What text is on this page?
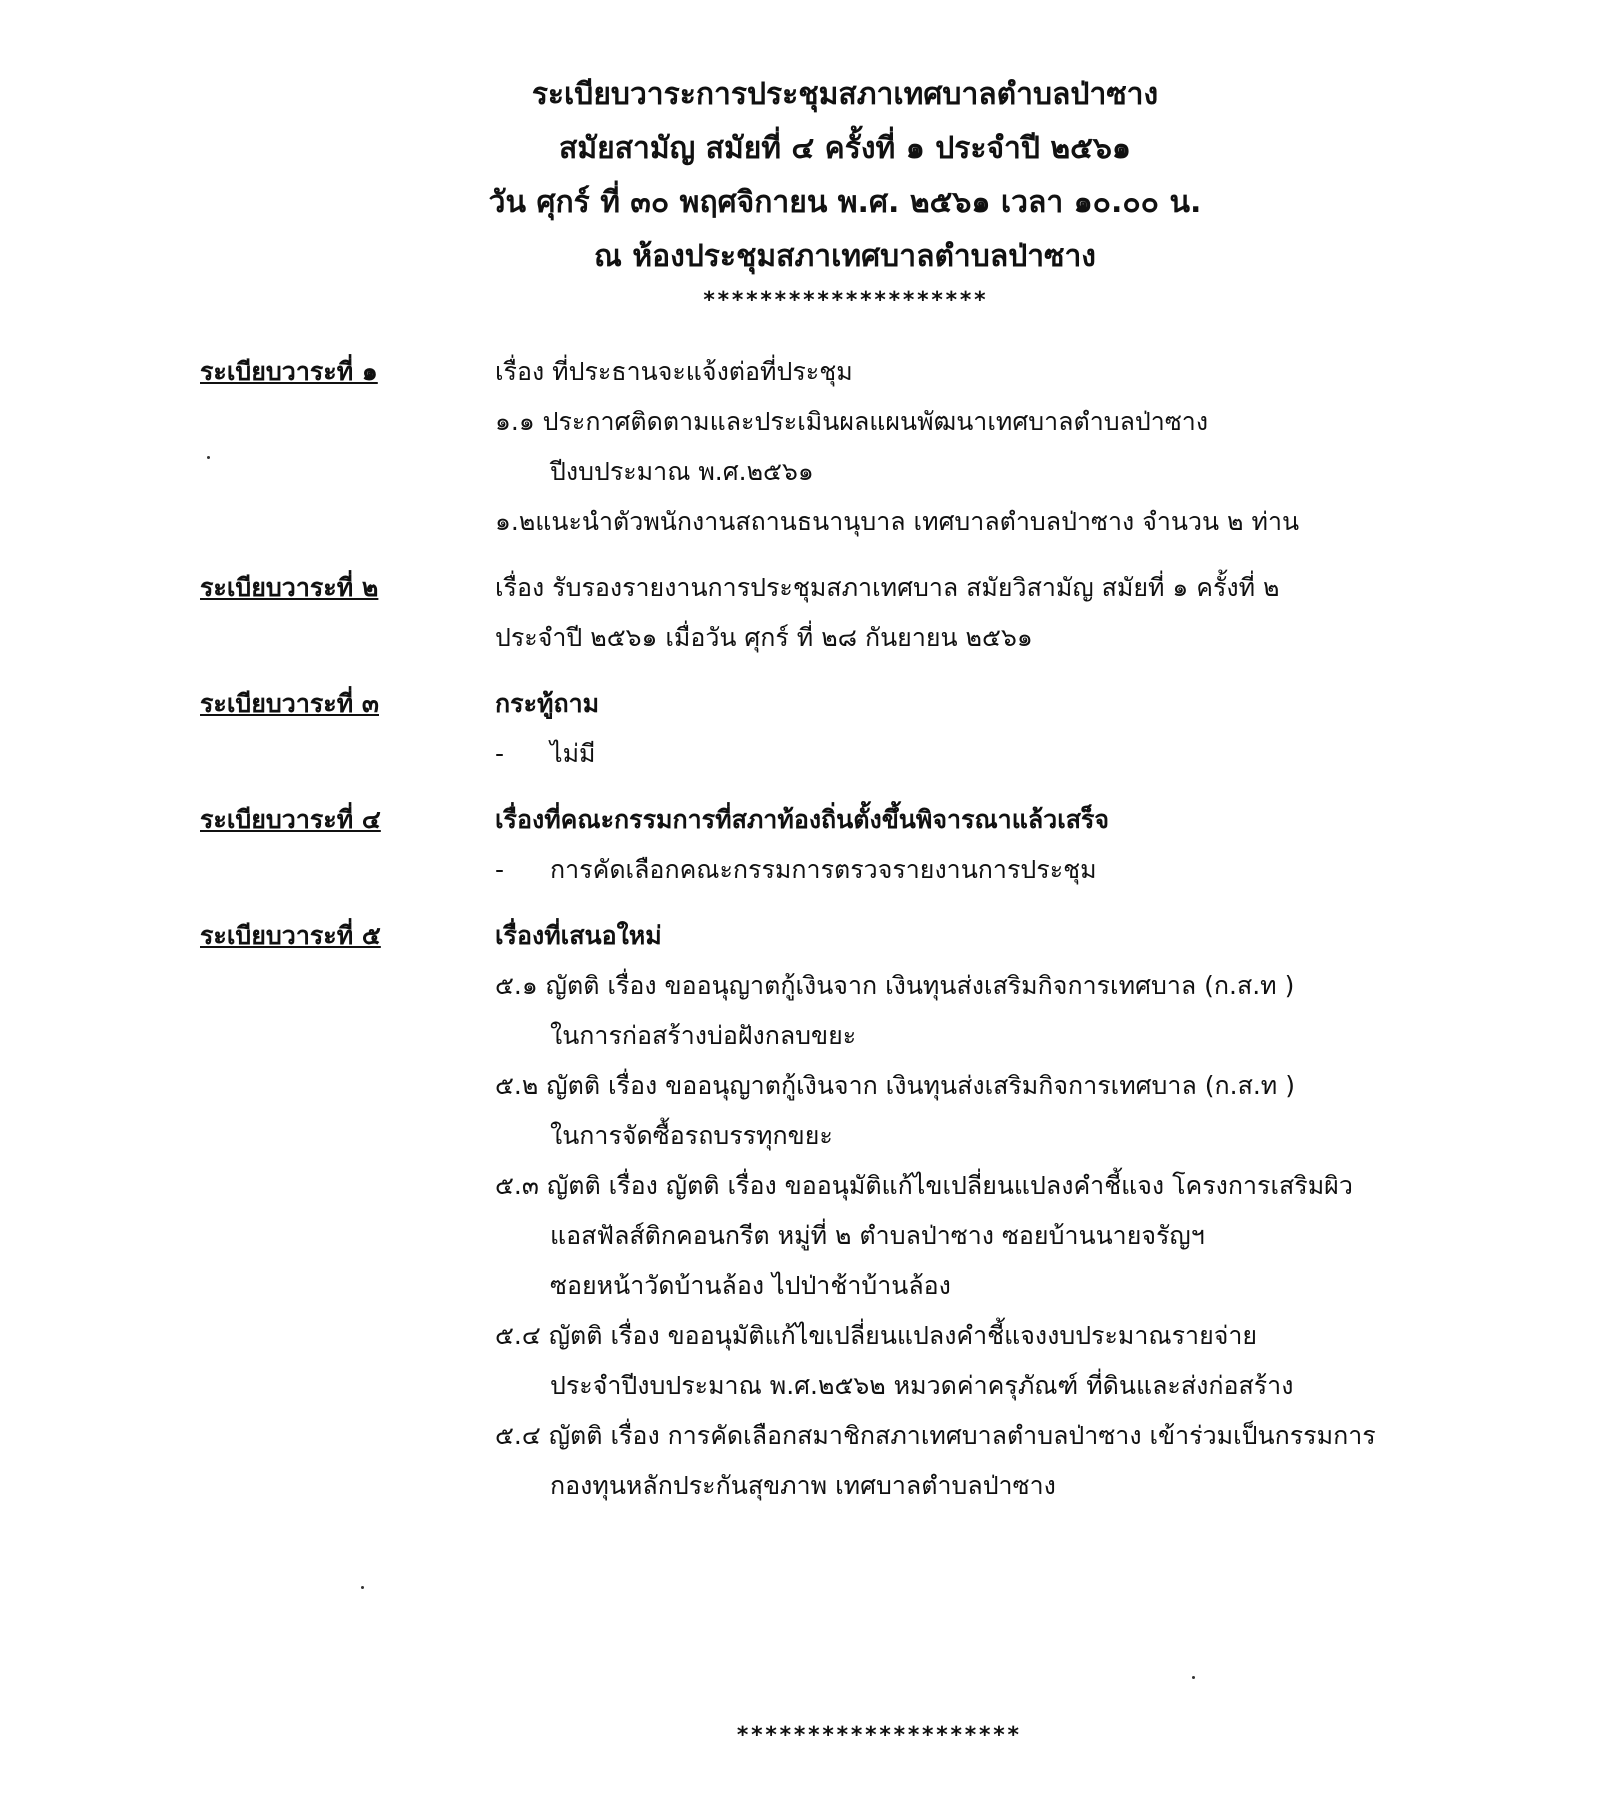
ระเบียบวาระการประชุมสภาเทศบาลตำบลป่าซาง
สมัยสามัญ สมัยที่ ๔ ครั้งที่ ๑ ประจำปี ๒๕๖๑
วัน ศุกร์ ที่ ๓๐ พฤศจิกายน พ.ศ. ๒๕๖๑ เวลา ๑๐.๐๐ น.
ณ ห้องประชุมสภาเทศบาลตำบลป่าซาง
********************
ระเบียบวาระที่ ๑	เรื่อง ที่ประธานจะแจ้งต่อที่ประชุม
๑.๑ ประกาศติดตามและประเมินผลแผนพัฒนาเทศบาลตำบลป่าซาง
ปีงบประมาณ พ.ศ.๒๕๖๑
๑.๒แนะนำตัวพนักงานสถานธนานุบาล เทศบาลตำบลป่าซาง จำนวน ๒ ท่าน
ระเบียบวาระที่ ๒	เรื่อง รับรองรายงานการประชุมสภาเทศบาล สมัยวิสามัญ สมัยที่ ๑ ครั้งที่ ๒
ประจำปี ๒๕๖๑ เมื่อวัน ศุกร์ ที่ ๒๘ กันยายน ๒๕๖๑
ระเบียบวาระที่ ๓	กระทู้ถาม
- ไม่มี
ระเบียบวาระที่ ๔	เรื่องที่คณะกรรมการที่สภาท้องถิ่นตั้งขึ้นพิจารณาแล้วเสร็จ
- การคัดเลือกคณะกรรมการตรวจรายงานการประชุม
ระเบียบวาระที่ ๕	เรื่องที่เสนอใหม่
๕.๑ ญัตติ เรื่อง ขออนุญาตกู้เงินจาก เงินทุนส่งเสริมกิจการเทศบาล (ก.ส.ท )
ในการก่อสร้างบ่อฝังกลบขยะ
๕.๒ ญัตติ เรื่อง ขออนุญาตกู้เงินจาก เงินทุนส่งเสริมกิจการเทศบาล (ก.ส.ท )
ในการจัดซื้อรถบรรทุกขยะ
๕.๓ ญัตติ เรื่อง ญัตติ เรื่อง ขออนุมัติแก้ไขเปลี่ยนแปลงคำชี้แจง โครงการเสริมผิว
แอสฟัลส์ติกคอนกรีต หมู่ที่ ๒ ตำบลป่าซาง ซอยบ้านนายจรัญฯ
ซอยหน้าวัดบ้านล้อง ไปป่าช้าบ้านล้อง
๕.๔ ญัตติ เรื่อง ขออนุมัติแก้ไขเปลี่ยนแปลงคำชี้แจงงบประมาณรายจ่าย
ประจำปีงบประมาณ พ.ศ.๒๕๖๒ หมวดค่าครุภัณฑ์ ที่ดินและส่งก่อสร้าง
๕.๔ ญัตติ เรื่อง การคัดเลือกสมาชิกสภาเทศบาลตำบลป่าซาง เข้าร่วมเป็นกรรมการ
กองทุนหลักประกันสุขภาพ เทศบาลตำบลป่าซาง
********************
